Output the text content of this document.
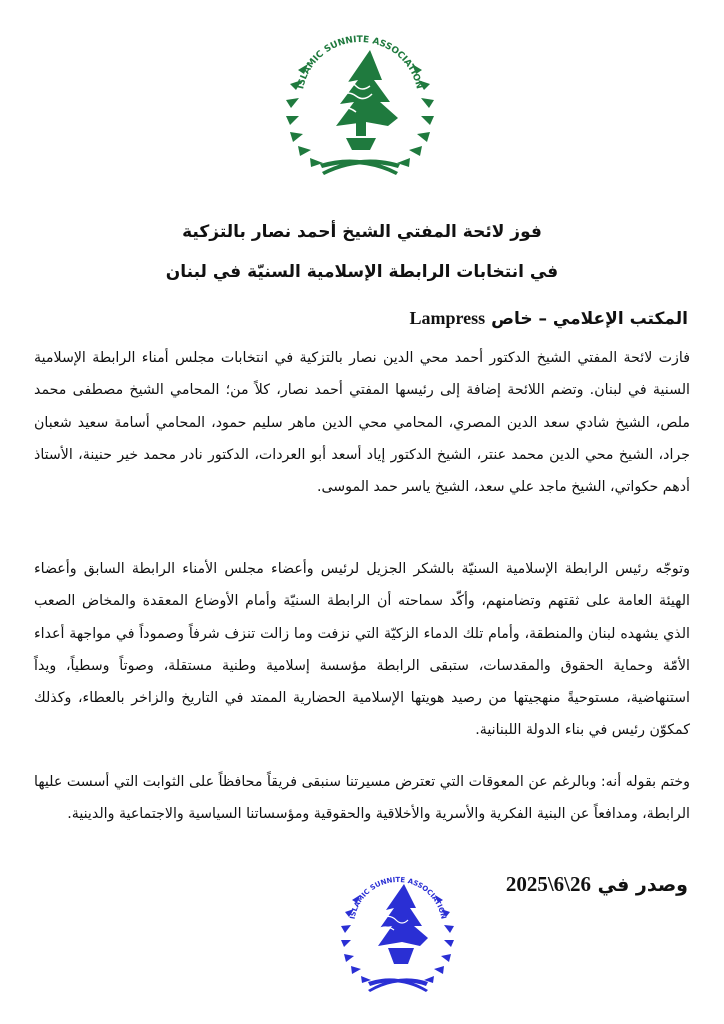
ISLAMIC SUNNITE ASSOCIATION
فوز لائحة المفتي الشيخ أحمد نصار بالتزكية
في انتخابات الرابطة الإسلامية السنيّة في لبنان
المكتب الإعلامي – خاص Lampress

فازت لائحة المفتي الشيخ الدكتور أحمد محي الدين نصار بالتزكية في انتخابات مجلس أمناء الرابطة الإسلامية السنية في لبنان. وتضم اللائحة إضافة إلى رئيسها المفتي أحمد نصار، كلاً من؛ المحامي الشيخ مصطفى محمد ملص، الشيخ شادي سعد الدين المصري، المحامي محي الدين ماهر سليم حمود، المحامي أسامة سعيد شعبان جراد، الشيخ محي الدين محمد عنتر، الشيخ الدكتور إياد أسعد أبو العردات، الدكتور نادر محمد خير حنينة، الأستاذ أدهم حكواتي، الشيخ ماجد علي سعد، الشيخ ياسر حمد الموسى.

وتوجّه رئيس الرابطة الإسلامية السنيّة بالشكر الجزيل لرئيس وأعضاء مجلس الأمناء الرابطة السابق وأعضاء الهيئة العامة على ثقتهم وتضامنهم، وأكّد سماحته أن الرابطة السنيّة وأمام الأوضاع المعقدة والمخاض الصعب الذي يشهده لبنان والمنطقة، وأمام تلك الدماء الزكيّة التي نزفت وما زالت تنزف شرفاً وصموداً في مواجهة أعداء الأمّة وحماية الحقوق والمقدسات، ستبقى الرابطة مؤسسة إسلامية وطنية مستقلة، وصوتاً وسطياً، ويداً استنهاضية، مستوحيةً منهجيتها من رصيد هويتها الإسلامية الحضارية الممتد في التاريخ والزاخر بالعطاء، وكذلك كمكوّن رئيس في بناء الدولة اللبنانية.

وختم بقوله أنه: وبالرغم عن المعوقات التي تعترض مسيرتنا سنبقى فريقاً محافظاً على الثوابت التي أسست عليها الرابطة، ومدافعاً عن البنية الفكرية والأسرية والأخلاقية والحقوقية ومؤسساتنا السياسية والاجتماعية والدينية.

وصدر في 2025\6\26
ISLAMIC SUNNITE ASSOCIATION
